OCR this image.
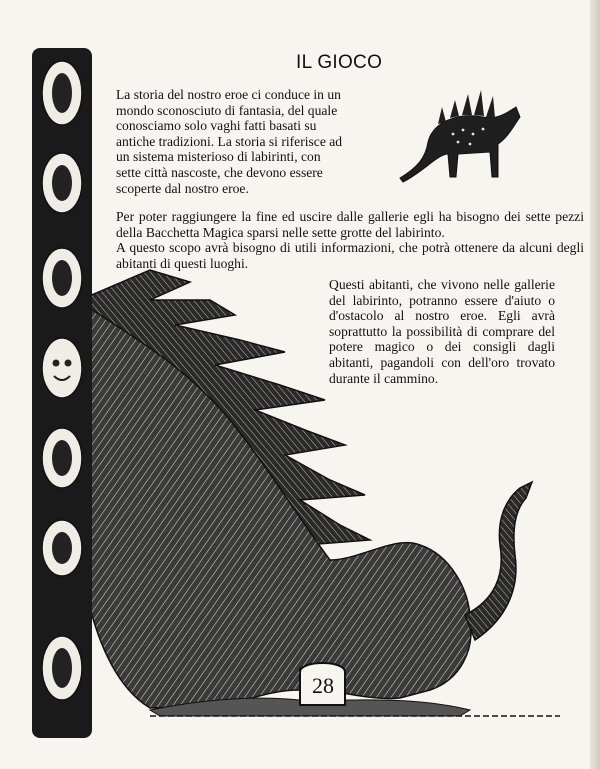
IL GIOCO

La storia del nostro eroe ci conduce in un mondo sconosciuto di fantasia, del quale conosciamo solo vaghi fatti basati su antiche tradizioni. La storia si riferisce ad un sistema misterioso di labirinti, con sette città nascoste, che devono essere scoperte dal nostro eroe.

Per poter raggiungere la fine ed uscire dalle gallerie egli ha bisogno dei sette pezzi della Bacchetta Magica sparsi nelle sette grotte del labirinto.

A questo scopo avrà bisogno di utili informazioni, che potrà ottenere da alcuni degli abitanti di questi luoghi.

Questi abitanti, che vivono nelle gallerie del labirinto, potranno essere d'aiuto o d'ostacolo al nostro eroe. Egli avrà soprattutto la possibilità di comprare del potere magico o dei consigli dagli abitanti, pagandoli con dell'oro trovato durante il cammino.

28
